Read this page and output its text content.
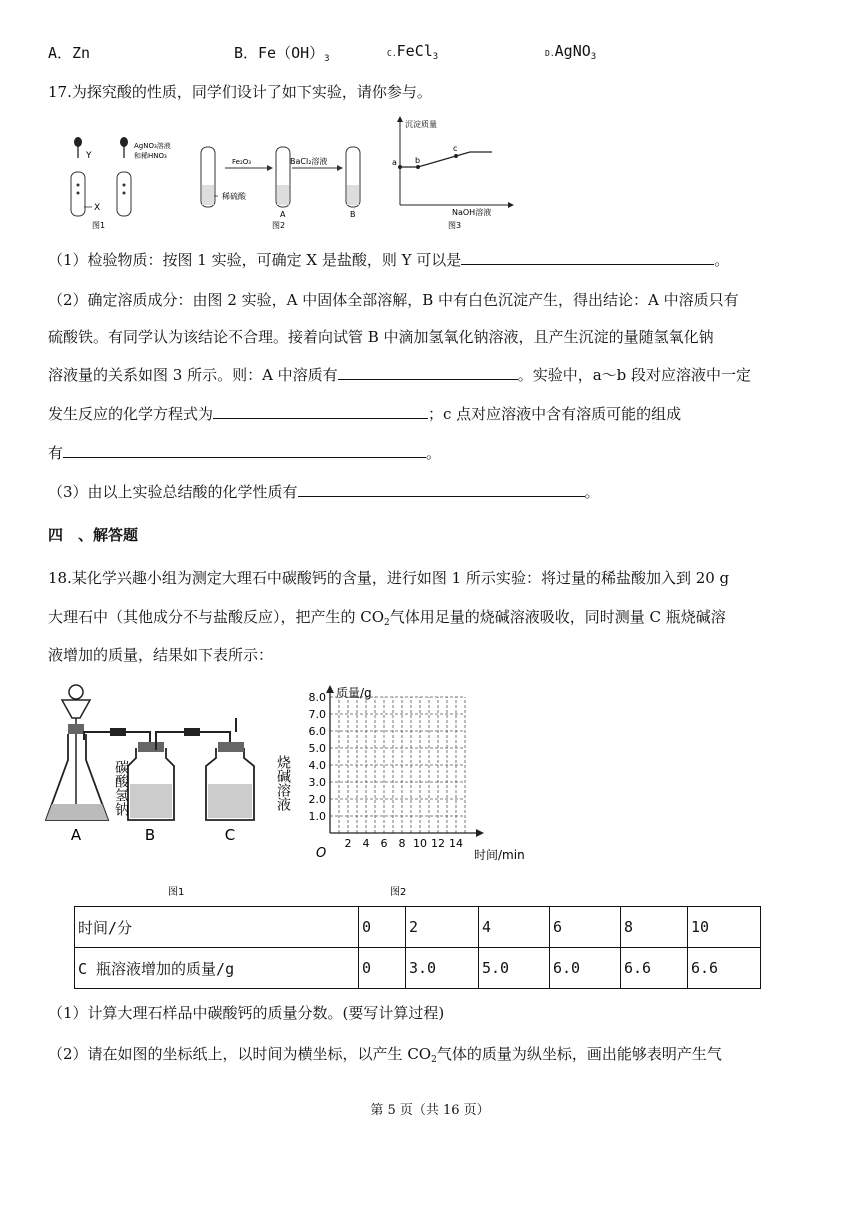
A．Zn	B．$Fe(OH)_3$
C.FeCl$_3$	D.AgNO$_3$
17.为探究酸的性质，同学们设计了如下实验，请你参与。
Y
X
AgNO₃溶液
和稀HNO₃
图1
稀硫酸
Fe₂O₃
A
BaCl₂溶液
B
图2
沉淀质量
NaOH溶液
a b
c
图3
（1）检验物质：按图 1 实验，可确定 X 是盐酸，则 Y 可以是	。
（2）确定溶质成分：由图 2 实验，A 中固体全部溶解，B 中有白色沉淀产生，得出结论：A 中溶质只有
硫酸铁。有同学认为该结论不合理。接着向试管 B 中滴加氢氧化钠溶液，且产生沉淀的量随氢氧化钠
溶液量的关系如图 3 所示。则：A 中溶质有	。实验中，a～b 段对应溶液中一定
发生反应的化学方程式为	；c 点对应溶液中含有溶质可能的组成
有	。
（3）由以上实验总结酸的化学性质有	。
四　、解答题
18.某化学兴趣小组为测定大理石中碳酸钙的含量，进行如图 1 所示实验：将过量的稀盐酸加入到 20 g
大理石中（其他成分不与盐酸反应），把产生的 $CO_2$气体用足量的烧碱溶液吸收，同时测量 C 瓶烧碱溶
液增加的质量，结果如下表所示：
A	B	C
碳酸氢钠	烧碱溶液
图1
质量/g
时间/min
O
1.0
2.0
3.0
4.0
5.0
6.0
7.0
8.0
2 4 6 8 10 12 14
图2
时间/分	0	2	4	6	8	10
C 瓶溶液增加的质量/g	0	3.0	5.0	6.0	6.6	6.6
（1）计算大理石样品中碳酸钙的质量分数。(要写计算过程)
（2）请在如图的坐标纸上，以时间为横坐标，以产生 $CO_2$气体的质量为纵坐标，画出能够表明产生气
第 5 页（共 16 页）
